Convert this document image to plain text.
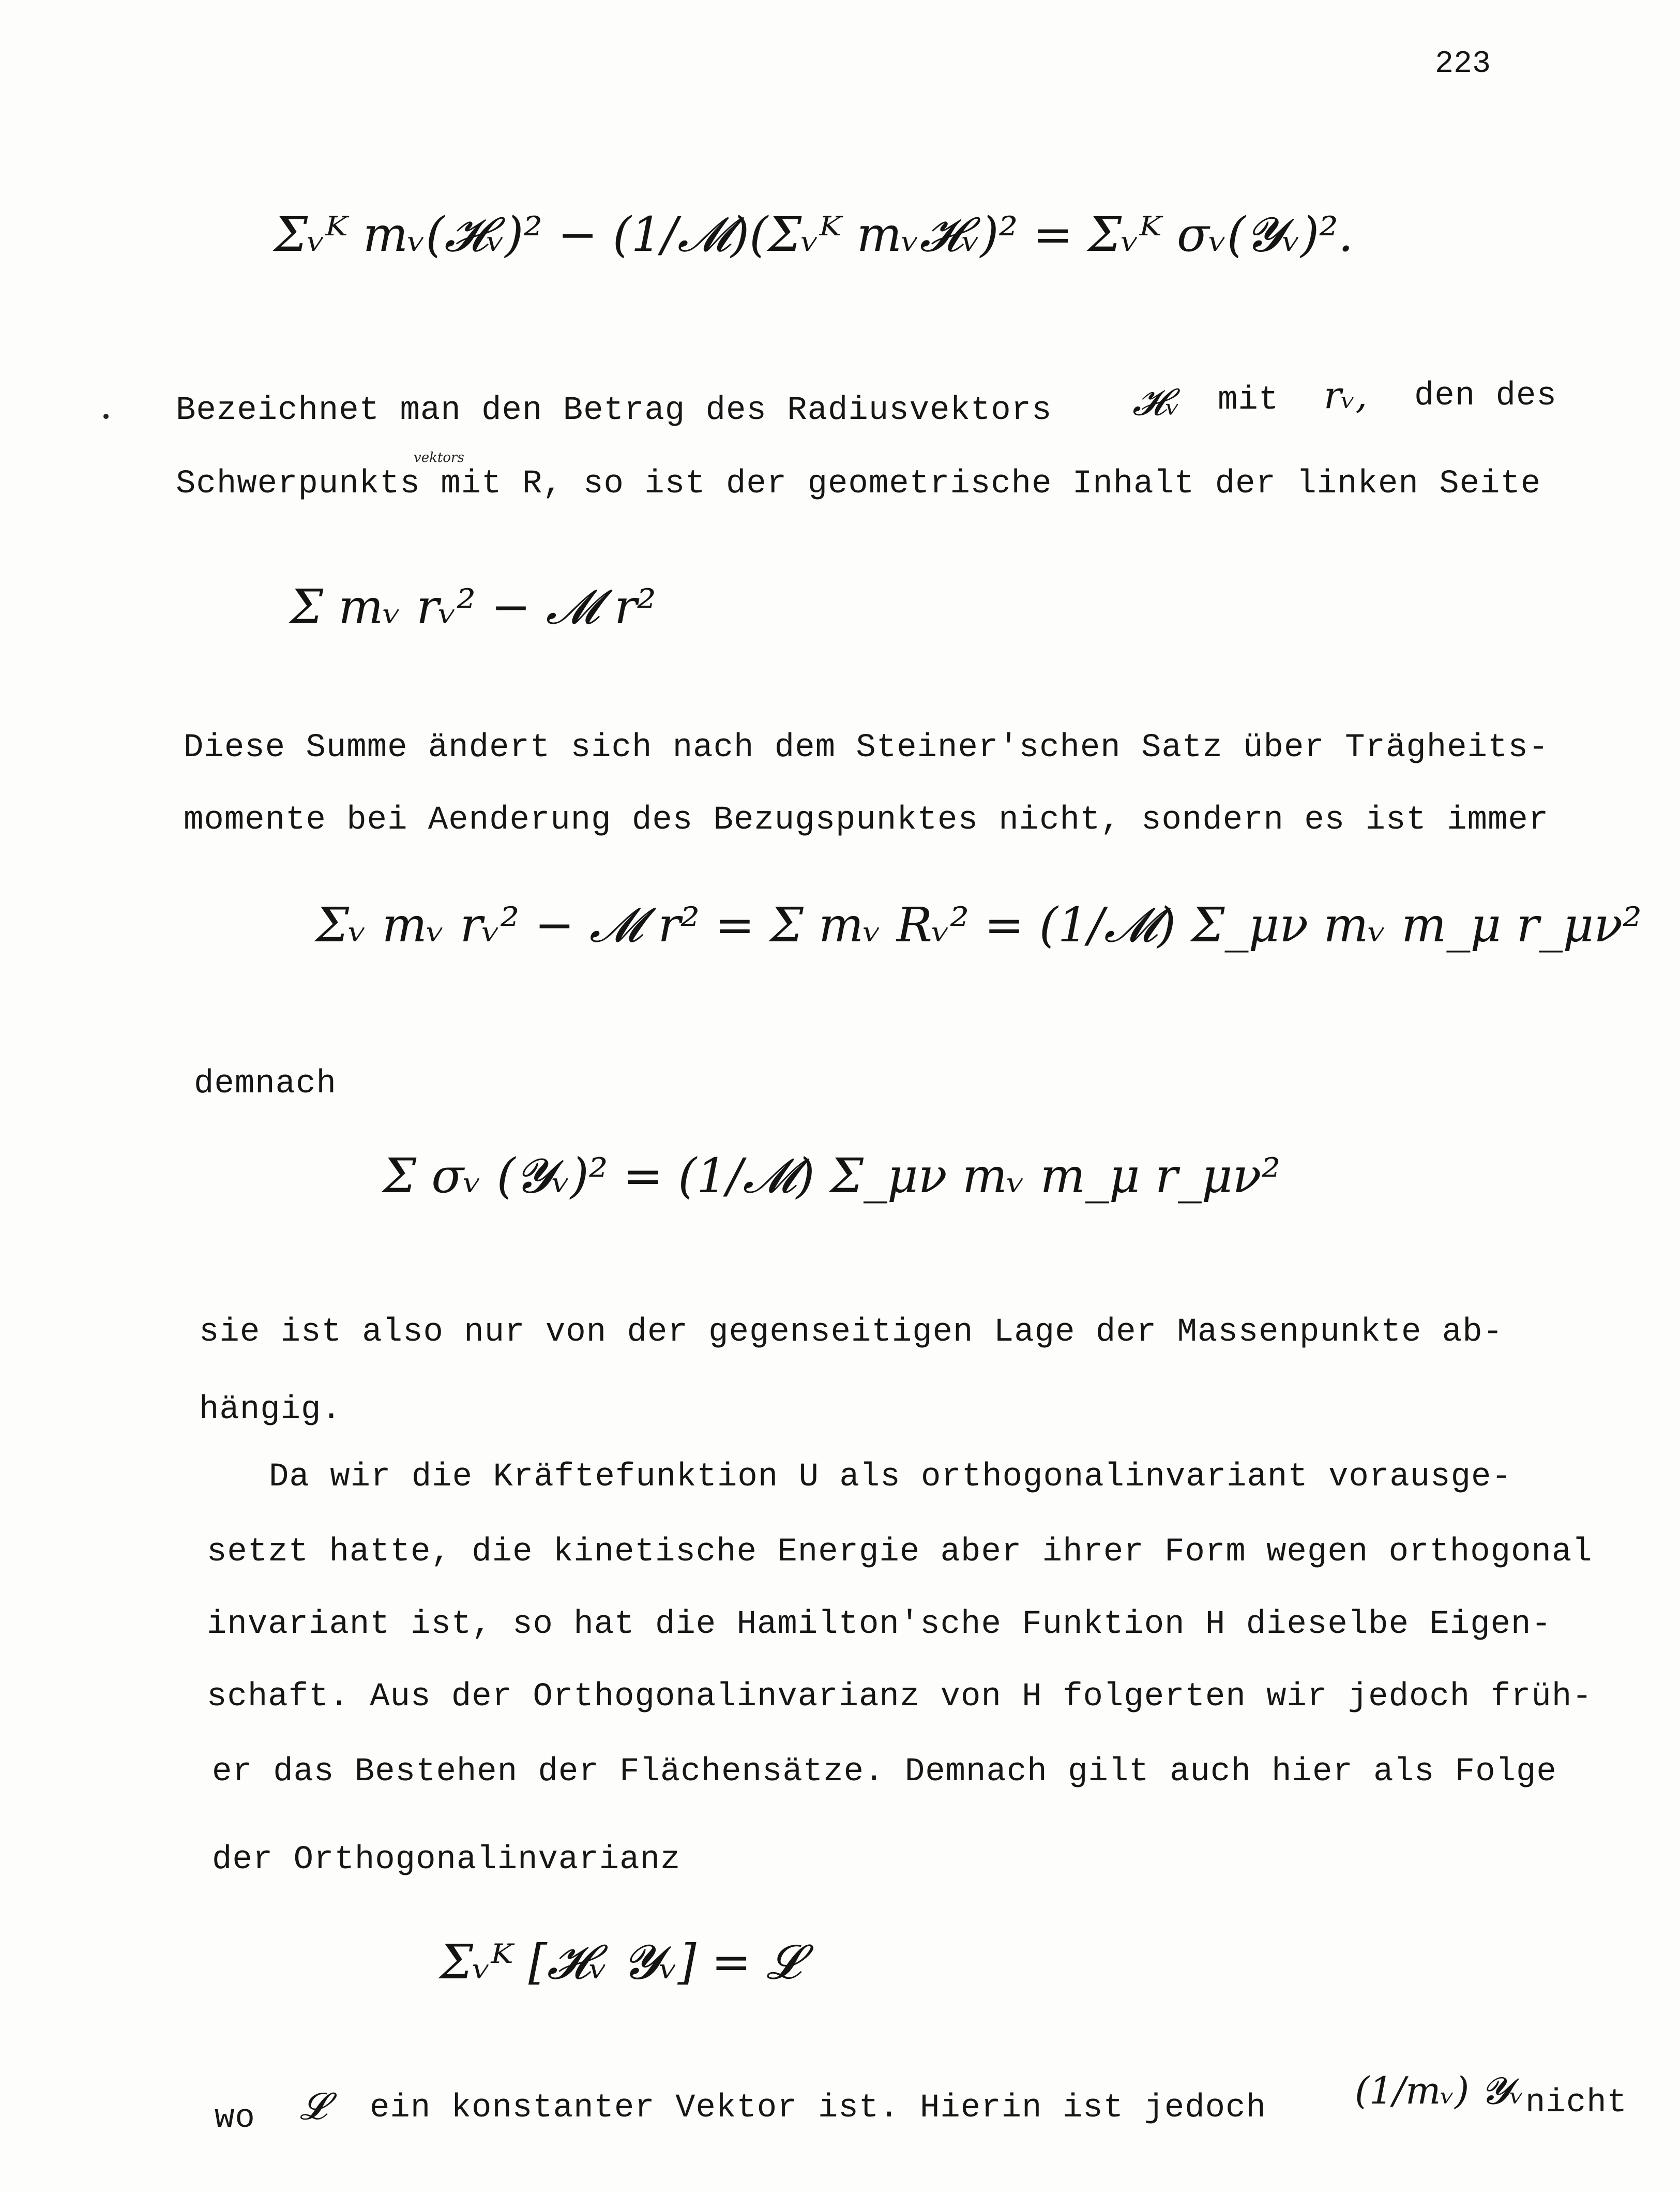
223
Σᵥᴷ mᵥ(𝓗ᵥ)² − (1/𝓜)(Σᵥᴷ mᵥ𝓗ᵥ)² = Σᵥᴷ σᵥ(𝓨ᵥ)².
Bezeichnet man den Betrag des Radiusvektors 𝓗ᵥ mit rᵥ, den des
vektors
Schwerpunkts mit R, so ist der geometrische Inhalt der linken Seite
Σ mᵥ rᵥ² − 𝓜 r²
Diese Summe ändert sich nach dem Steiner'schen Satz über Trägheits-
momente bei Aenderung des Bezugspunktes nicht, sondern es ist immer
Σᵥ mᵥ rᵥ² − 𝓜 r² = Σ mᵥ Rᵥ² = (1/𝓜) Σ_μν mᵥ m_μ r_μν²
demnach
Σ σᵥ (𝓨ᵥ)² = (1/𝓜) Σ_μν mᵥ m_μ r_μν²
sie ist also nur von der gegenseitigen Lage der Massenpunkte ab-
hängig.
Da wir die Kräftefunktion U als orthogonalinvariant vorausge-
setzt hatte, die kinetische Energie aber ihrer Form wegen orthogonal
invariant ist, so hat die Hamilton'sche Funktion H dieselbe Eigen-
schaft. Aus der Orthogonalinvarianz von H folgerten wir jedoch früh-
er das Bestehen der Flächensätze. Demnach gilt auch hier als Folge
der Orthogonalinvarianz
Σᵥᴷ [𝓗ᵥ 𝓨ᵥ] = 𝓛
wo 𝓛 ein konstanter Vektor ist. Hierin ist jedoch (1/mᵥ) 𝓨ᵥ nicht
